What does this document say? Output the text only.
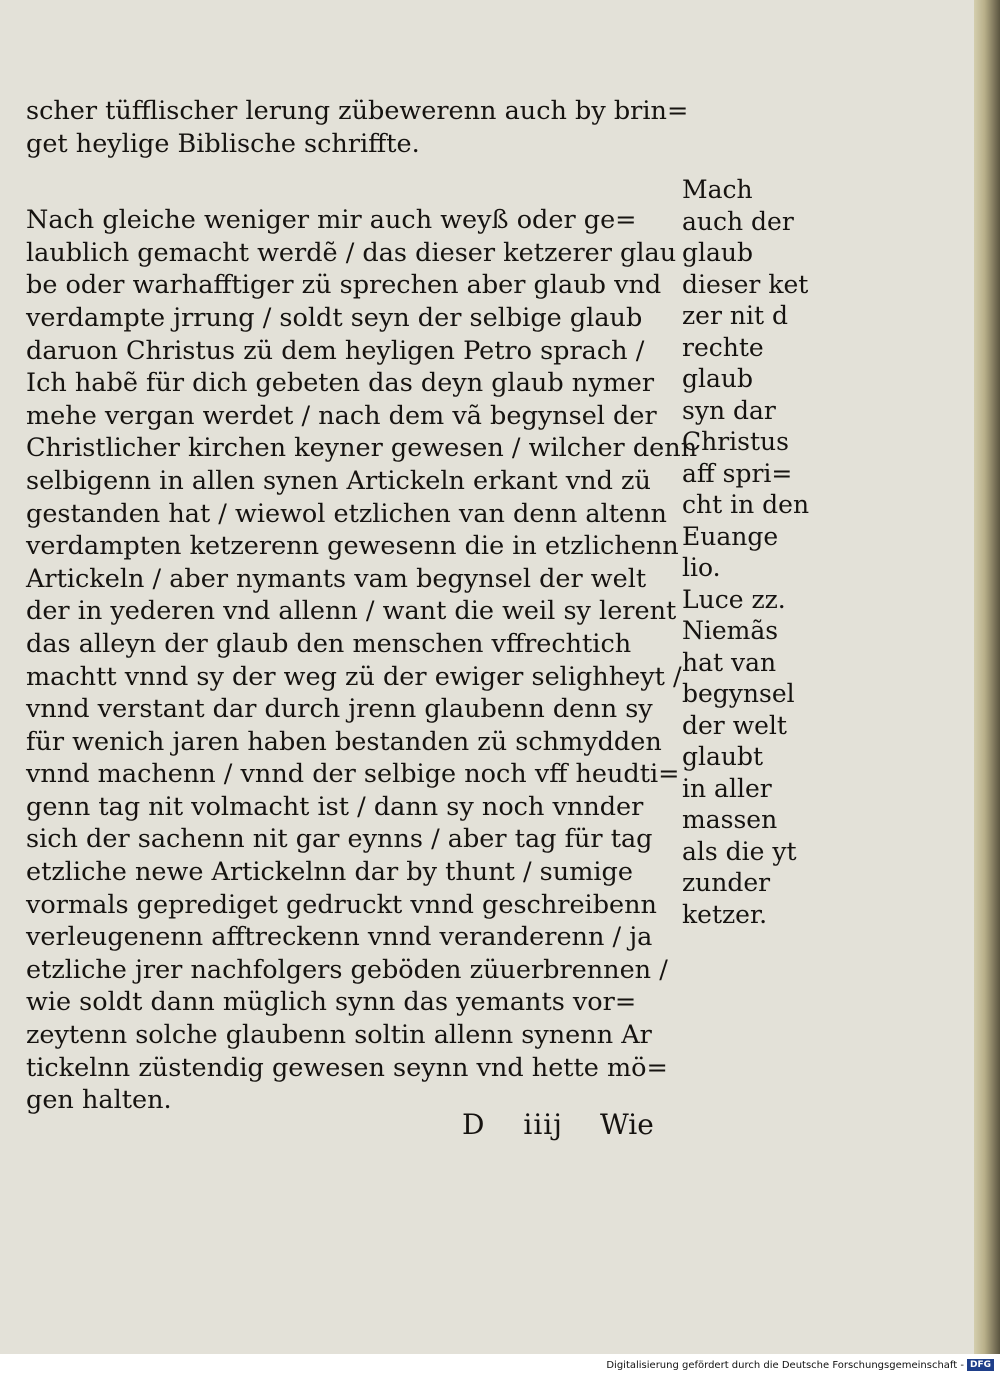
scher tüfflischer lerung zübewerenn auch by brin=
get heylige Biblische schriffte.
Nach gleiche weniger mir auch weyß oder ge=
laublich gemacht werdẽ / das dieser ketzerer glau
be oder warhafftiger zü sprechen aber glaub vnd
verdampte jrrung / soldt seyn der selbige glaub
daruon Christus zü dem heyligen Petro sprach /
Ich habẽ für dich gebeten das deyn glaub nymer
mehe vergan werdet / nach dem vã begynsel der
Christlicher kirchen keyner gewesen / wilcher denn
selbigenn in allen synen Artickeln erkant vnd zü
gestanden hat / wiewol etzlichen van denn altenn
verdampten ketzerenn gewesenn die in etzlichenn
Artickeln / aber nymants vam begynsel der welt
der in yederen vnd allenn / want die weil sy lerent
das alleyn der glaub den menschen vffrechtich
machtt vnnd sy der weg zü der ewiger selighheyt /
vnnd verstant dar durch jrenn glaubenn denn sy
für wenich jaren haben bestanden zü schmydden
vnnd machenn / vnnd der selbige noch vff heudti=
genn tag nit volmacht ist / dann sy noch vnnder
sich der sachenn nit gar eynns / aber tag für tag
etzliche newe Artickelnn dar by thunt / sumige
vormals geprediget gedruckt vnnd geschreibenn
verleugenenn afftreckenn vnnd veranderenn / ja
etzliche jrer nachfolgers geböden züuerbrennen /
wie soldt dann müglich synn das yemants vor=
zeytenn solche glaubenn soltin allenn synenn Ar
tickelnn züstendig gewesen seynn vnd hette mö=
gen halten.
Mach
auch der
glaub
dieser ket
zer nit d
rechte
glaub
syn dar
Christus
aff spri=
cht in den
Euange
lio.
Luce zz.
Niemãs
hat van
begynsel
der welt
glaubt
in aller
massen
als die yt
zunder
ketzer.
D iiij Wie
Digitalisierung gefördert durch die Deutsche Forschungsgemeinschaft - DFG
